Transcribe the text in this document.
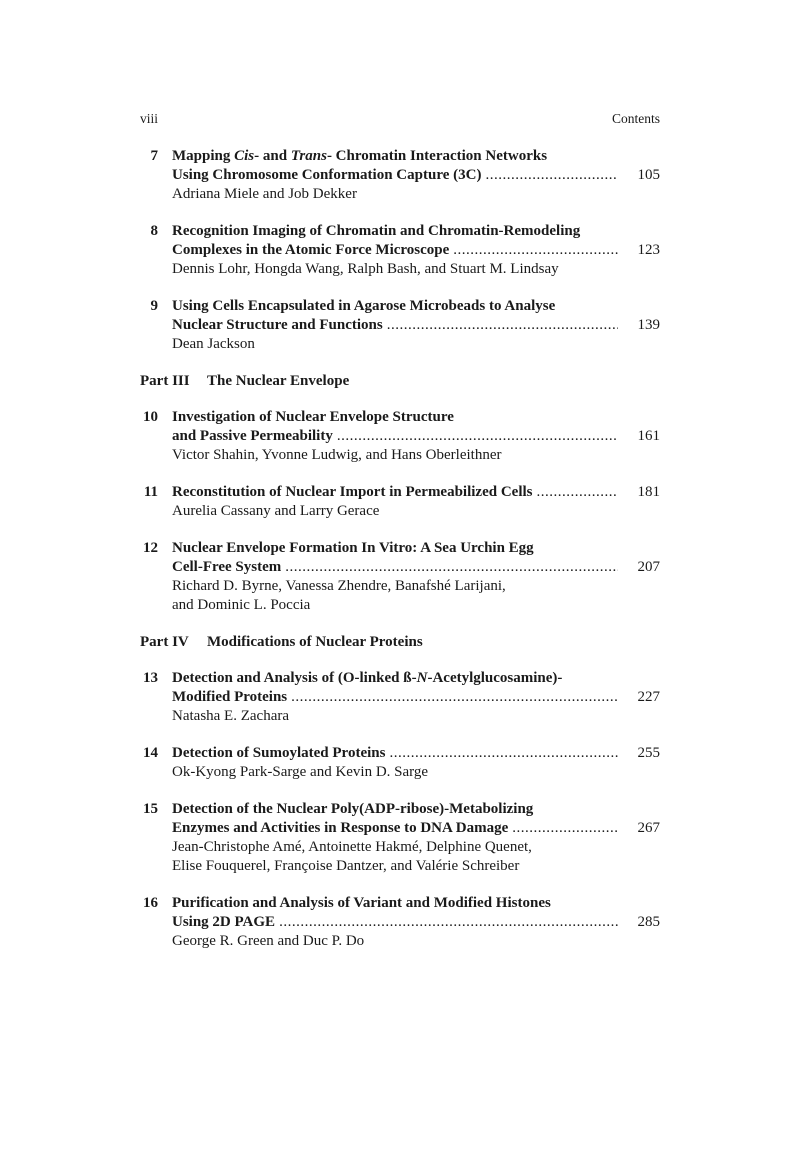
viii	Contents
7 Mapping Cis- and Trans- Chromatin Interaction Networks
Using Chromosome Conformation Capture (3C) .....	105
Adriana Miele and Job Dekker
8 Recognition Imaging of Chromatin and Chromatin-Remodeling
Complexes in the Atomic Force Microscope .....	123
Dennis Lohr, Hongda Wang, Ralph Bash, and Stuart M. Lindsay
9 Using Cells Encapsulated in Agarose Microbeads to Analyse
Nuclear Structure and Functions .....	139
Dean Jackson
Part III The Nuclear Envelope
10 Investigation of Nuclear Envelope Structure
and Passive Permeability .....	161
Victor Shahin, Yvonne Ludwig, and Hans Oberleithner
11 Reconstitution of Nuclear Import in Permeabilized Cells .....	181
Aurelia Cassany and Larry Gerace
12 Nuclear Envelope Formation In Vitro: A Sea Urchin Egg
Cell-Free System .....	207
Richard D. Byrne, Vanessa Zhendre, Banafshé Larijani,
and Dominic L. Poccia
Part IV Modifications of Nuclear Proteins
13 Detection and Analysis of (O-linked ß-N-Acetylglucosamine)-
Modified Proteins .....	227
Natasha E. Zachara
14 Detection of Sumoylated Proteins .....	255
Ok-Kyong Park-Sarge and Kevin D. Sarge
15 Detection of the Nuclear Poly(ADP-ribose)-Metabolizing
Enzymes and Activities in Response to DNA Damage .....	267
Jean-Christophe Amé, Antoinette Hakmé, Delphine Quenet,
Elise Fouquerel, Françoise Dantzer, and Valérie Schreiber
16 Purification and Analysis of Variant and Modified Histones
Using 2D PAGE .....	285
George R. Green and Duc P. Do
